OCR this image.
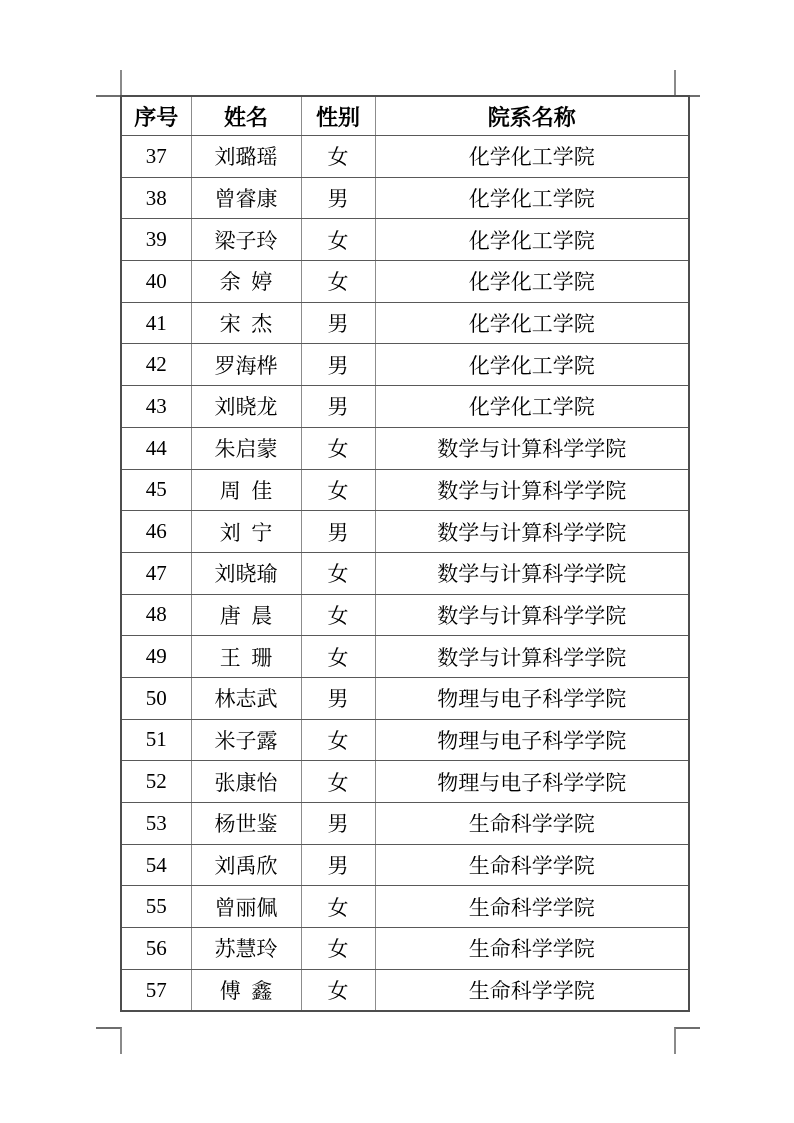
序号	姓名	性别	院系名称
37	刘璐瑶	女	化学化工学院
38	曾睿康	男	化学化工学院
39	梁子玲	女	化学化工学院
40	余  婷	女	化学化工学院
41	宋  杰	男	化学化工学院
42	罗海桦	男	化学化工学院
43	刘晓龙	男	化学化工学院
44	朱启蒙	女	数学与计算科学学院
45	周  佳	女	数学与计算科学学院
46	刘  宁	男	数学与计算科学学院
47	刘晓瑜	女	数学与计算科学学院
48	唐  晨	女	数学与计算科学学院
49	王  珊	女	数学与计算科学学院
50	林志武	男	物理与电子科学学院
51	米子露	女	物理与电子科学学院
52	张康怡	女	物理与电子科学学院
53	杨世鉴	男	生命科学学院
54	刘禹欣	男	生命科学学院
55	曾丽佩	女	生命科学学院
56	苏慧玲	女	生命科学学院
57	傅  鑫	女	生命科学学院
